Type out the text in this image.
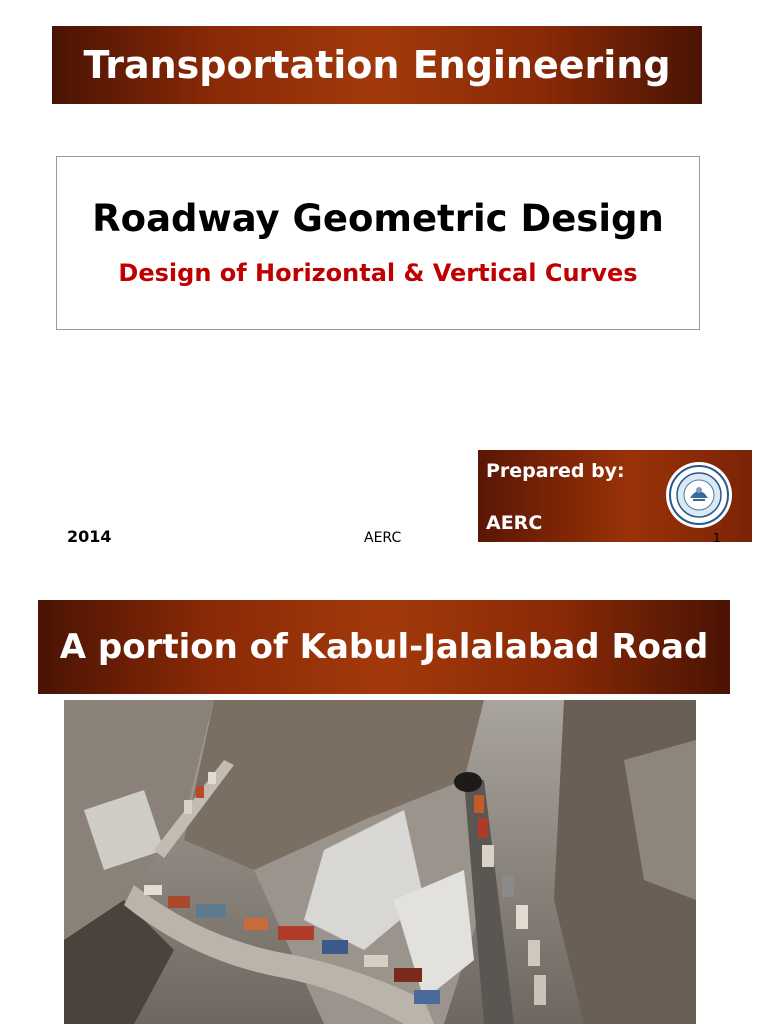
Transportation Engineering
Roadway Geometric Design
Design of Horizontal & Vertical Curves
Prepared by:
AERC
2014	AERC	1
A portion of Kabul-Jalalabad Road
